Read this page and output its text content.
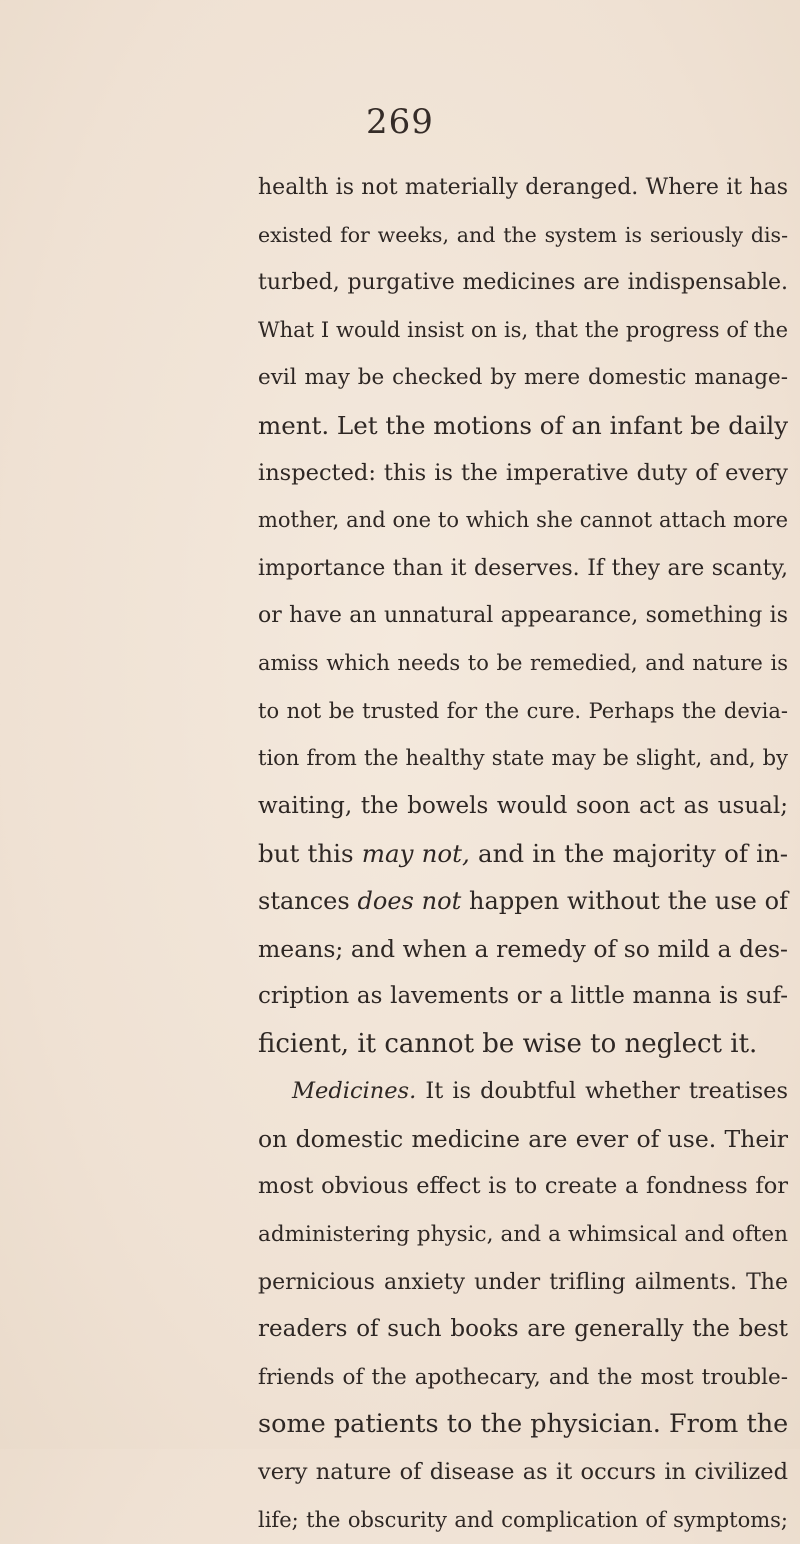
269
health is not materially deranged. Where it has
existed for weeks, and the system is seriously dis-
turbed, purgative medicines are indispensable.
What I would insist on is, that the progress of the
evil may be checked by mere domestic manage-
ment. Let the motions of an infant be daily
inspected: this is the imperative duty of every
mother, and one to which she cannot attach more
importance than it deserves. If they are scanty,
or have an unnatural appearance, something is
amiss which needs to be remedied, and nature is
to not be trusted for the cure. Perhaps the devia-
tion from the healthy state may be slight, and, by
waiting, the bowels would soon act as usual;
but this may not, and in the majority of in-
stances does not happen without the use of
means; and when a remedy of so mild a des-
cription as lavements or a little manna is suf-
ficient, it cannot be wise to neglect it.
Medicines. It is doubtful whether treatises
on domestic medicine are ever of use. Their
most obvious effect is to create a fondness for
administering physic, and a whimsical and often
pernicious anxiety under trifling ailments. The
readers of such books are generally the best
friends of the apothecary, and the most trouble-
some patients to the physician. From the
very nature of disease as it occurs in civilized
life; the obscurity and complication of symptoms;
